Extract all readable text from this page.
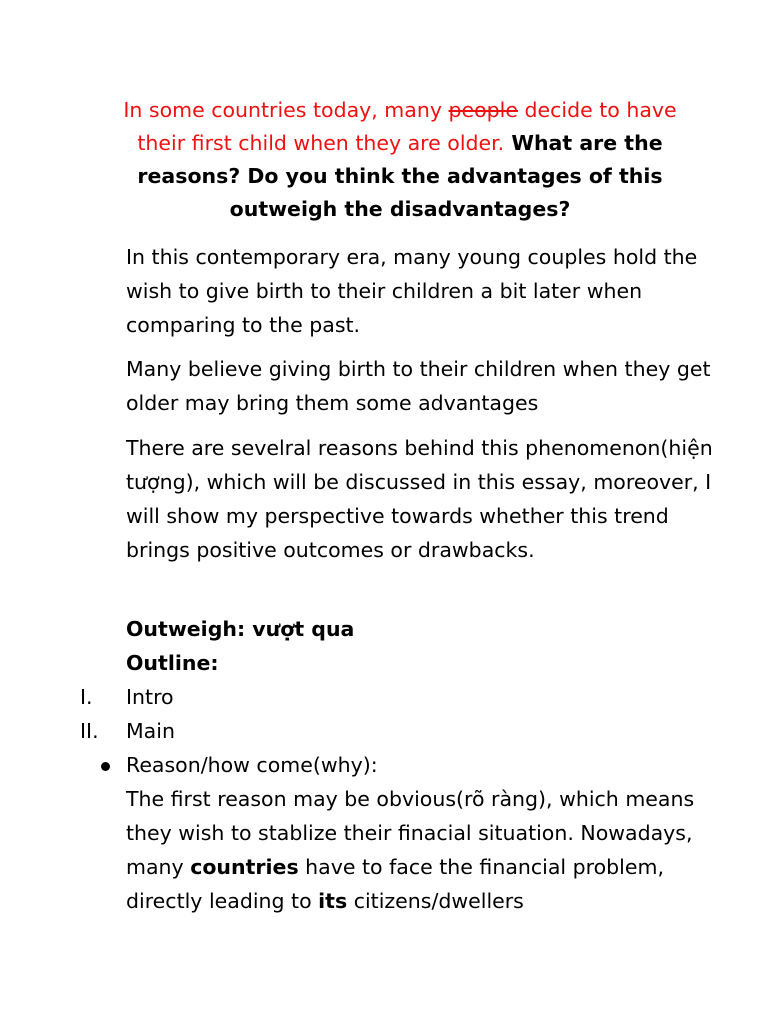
In some countries today, many people decide to have their first child when they are older. What are the reasons? Do you think the advantages of this outweigh the disadvantages?

In this contemporary era, many young couples hold the wish to give birth to their children a bit later when comparing to the past.

Many believe giving birth to their children when they get older may bring them some advantages

There are sevelral reasons behind this phenomenon(hiện tượng), which will be discussed in this essay, moreover, I will show my perspective towards whether this trend brings positive outcomes or drawbacks.

Outweigh: vượt qua

Outline:

I. Intro
II. Main
Reason/how come(why):

The first reason may be obvious(rõ ràng), which means they wish to stablize their finacial situation. Nowadays, many countries have to face the financial problem, directly leading to its citizens/dwellers
